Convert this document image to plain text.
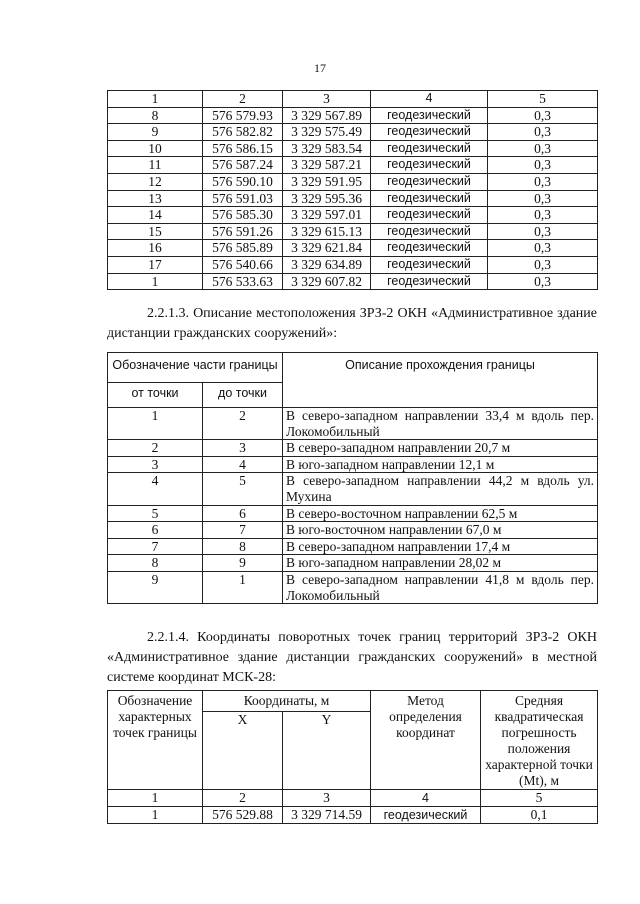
17
1	2	3	4	5
8	576 579.93	3 329 567.89	геодезический	0,3
9	576 582.82	3 329 575.49	геодезический	0,3
10	576 586.15	3 329 583.54	геодезический	0,3
11	576 587.24	3 329 587.21	геодезический	0,3
12	576 590.10	3 329 591.95	геодезический	0,3
13	576 591.03	3 329 595.36	геодезический	0,3
14	576 585.30	3 329 597.01	геодезический	0,3
15	576 591.26	3 329 615.13	геодезический	0,3
16	576 585.89	3 329 621.84	геодезический	0,3
17	576 540.66	3 329 634.89	геодезический	0,3
1	576 533.63	3 329 607.82	геодезический	0,3
2.2.1.3. Описание местоположения ЗРЗ-2 ОКН «Административное здание дистанции гражданских сооружений»:
Обозначение части границы		Описание прохождения границы
от точки	до точки	
1	2	В северо-западном направлении 33,4 м вдоль пер. Локомобильный
2	3	В северо-западном направлении 20,7 м
3	4	В юго-западном направлении 12,1 м
4	5	В северо-западном направлении 44,2 м вдоль ул. Мухина
5	6	В северо-восточном направлении 62,5 м
6	7	В юго-восточном направлении 67,0 м
7	8	В северо-западном направлении 17,4 м
8	9	В юго-западном направлении 28,02 м
9	1	В северо-западном направлении 41,8 м вдоль пер. Локомобильный
2.2.1.4. Координаты поворотных точек границ территорий ЗРЗ-2 ОКН «Административное здание дистанции гражданских сооружений» в местной системе координат МСК-28:
Обозначение характерных точек границы	Координаты, м		Метод определения координат	Средняя квадратическая погрешность положения характерной точки (Mt), м
	X	Y		
1	2	3	4	5
1	576 529.88	3 329 714.59	геодезический	0,1
